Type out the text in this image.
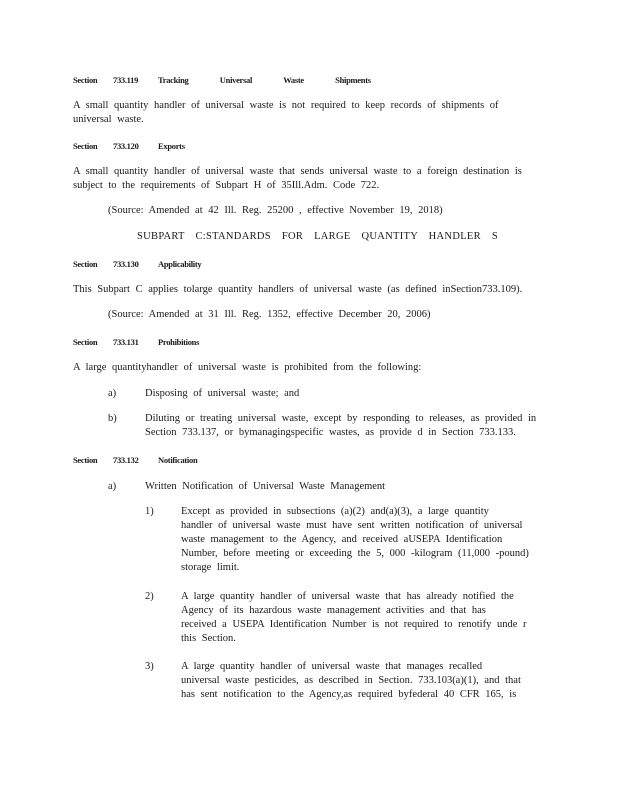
Section 733.119 Tracking    Universal    Waste    Shipments
A small quantity handler of universal waste is not required to keep records of shipments of
universal waste.
Section 733.120 Exports
A small quantity handler of universal waste that sends universal waste to a foreign destination is
subject to the requirements of Subpart H of 35Ill.Adm. Code 722.
(Source: Amended at 42 Ill. Reg. 25200 , effective November 19, 2018)
SUBPART C:STANDARDS FOR LARGE QUANTITY HANDLER S
Section 733.130 Applicability
This Subpart C applies tolarge quantity handlers of universal waste (as defined inSection733.109).
(Source: Amended at 31 Ill. Reg. 1352, effective December 20, 2006)
Section 733.131 Prohibitions
A large quantityhandler of universal waste is prohibited from the following:
a)	Disposing of universal waste; and
b)	Diluting or treating universal waste, except by responding to releases, as provided in
Section 733.137, or bymanagingspecific wastes, as provide d in Section 733.133.
Section 733.132 Notification
a)	Written Notification of Universal Waste Management
1)	Except as provided in subsections (a)(2) and(a)(3), a large quantity
handler of universal waste must have sent written notification of universal
waste management to the Agency, and received aUSEPA Identification
Number, before meeting or exceeding the 5, 000 -kilogram (11,000 -pound)
storage limit.
2)	A large quantity handler of universal waste that has already notified the
Agency of its hazardous waste management activities and that has
received a USEPA Identification Number is not required to renotify unde r
this Section.
3)	A large quantity handler of universal waste that manages recalled
universal waste pesticides, as described in Section. 733.103(a)(1), and that
has sent notification to the Agency,as required byfederal 40 CFR 165, is
